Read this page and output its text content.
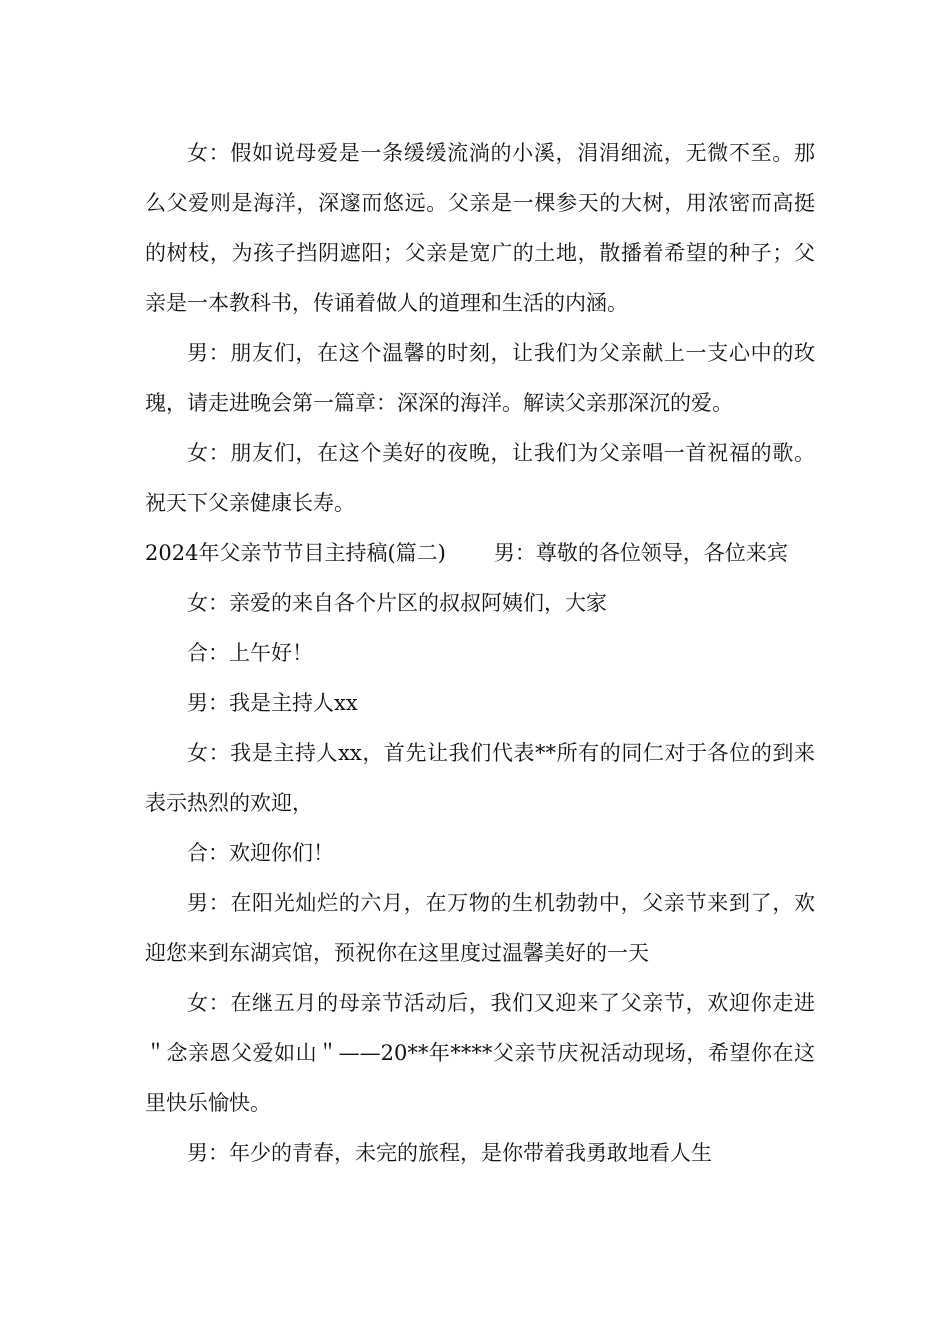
女：假如说母爱是一条缓缓流淌的小溪，涓涓细流，无微不至。那么父爱则是海洋，深邃而悠远。父亲是一棵参天的大树，用浓密而高挺的树枝，为孩子挡阴遮阳；父亲是宽广的土地，散播着希望的种子；父亲是一本教科书，传诵着做人的道理和生活的内涵。

男：朋友们，在这个温馨的时刻，让我们为父亲献上一支心中的玫瑰，请走进晚会第一篇章：深深的海洋。解读父亲那深沉的爱。

女：朋友们，在这个美好的夜晚，让我们为父亲唱一首祝福的歌。祝天下父亲健康长寿。

2024年父亲节节目主持稿(篇二) 男：尊敬的各位领导，各位来宾

女：亲爱的来自各个片区的叔叔阿姨们，大家

合：上午好！

男：我是主持人xx

女：我是主持人xx，首先让我们代表**所有的同仁对于各位的到来表示热烈的欢迎，

合：欢迎你们！

男：在阳光灿烂的六月，在万物的生机勃勃中，父亲节来到了，欢迎您来到东湖宾馆，预祝你在这里度过温馨美好的一天

女：在继五月的母亲节活动后，我们又迎来了父亲节，欢迎你走进＂念亲恩父爱如山＂——20**年****父亲节庆祝活动现场，希望你在这里快乐愉快。

男：年少的青春，未完的旅程，是你带着我勇敢地看人生
